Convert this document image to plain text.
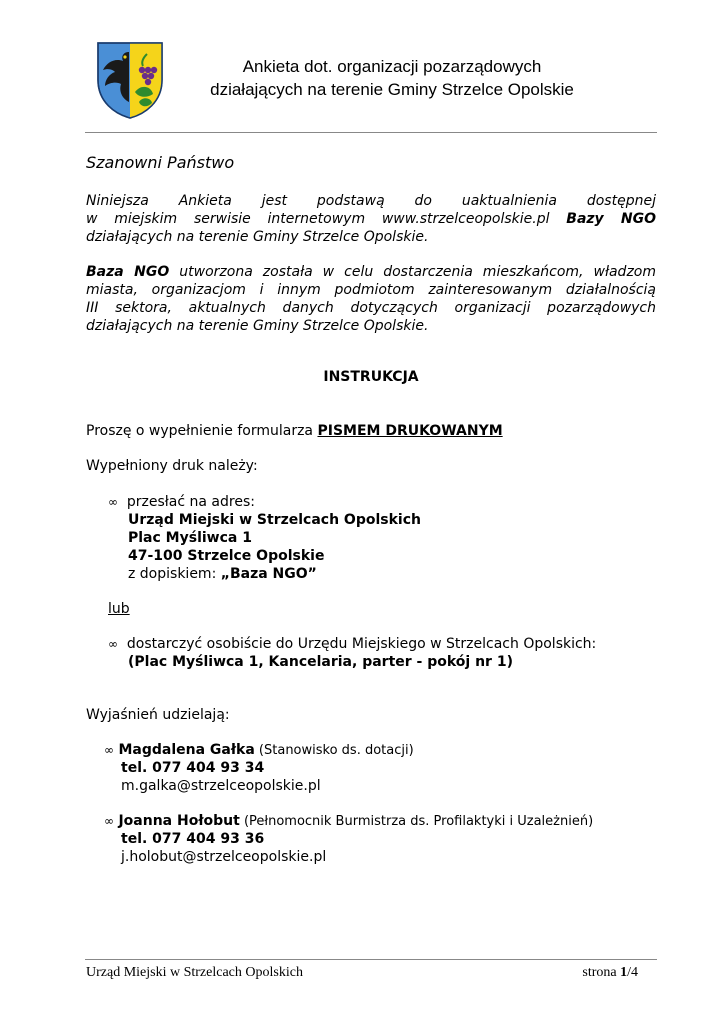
Ankieta dot. organizacji pozarządowych
działających na terenie Gminy Strzelce Opolskie
Szanowni Państwo
Niniejsza Ankieta jest podstawą do uaktualnienia dostępnej
w miejskim serwisie internetowym www.strzelceopolskie.pl Bazy NGO
działających na terenie Gminy Strzelce Opolskie.
Baza NGO utworzona została w celu dostarczenia mieszkańcom, władzom
miasta, organizacjom i innym podmiotom zainteresowanym działalnością
III sektora, aktualnych danych dotyczących organizacji pozarządowych
działających na terenie Gminy Strzelce Opolskie.
INSTRUKCJA
Proszę o wypełnienie formularza PISMEM DRUKOWANYM
Wypełniony druk należy:
∞ przesłać na adres:
Urząd Miejski w Strzelcach Opolskich
Plac Myśliwca 1
47-100 Strzelce Opolskie
z dopiskiem: „Baza NGO”
lub
∞ dostarczyć osobiście do Urzędu Miejskiego w Strzelcach Opolskich:
(Plac Myśliwca 1, Kancelaria, parter - pokój nr 1)
Wyjaśnień udzielają:
∞ Magdalena Gałka (Stanowisko ds. dotacji)
tel. 077 404 93 34
m.galka@strzelceopolskie.pl
∞ Joanna Hołobut (Pełnomocnik Burmistrza ds. Profilaktyki i Uzależnień)
tel. 077 404 93 36
j.holobut@strzelceopolskie.pl
Urząd Miejski w Strzelcach Opolskich	strona 1/4
